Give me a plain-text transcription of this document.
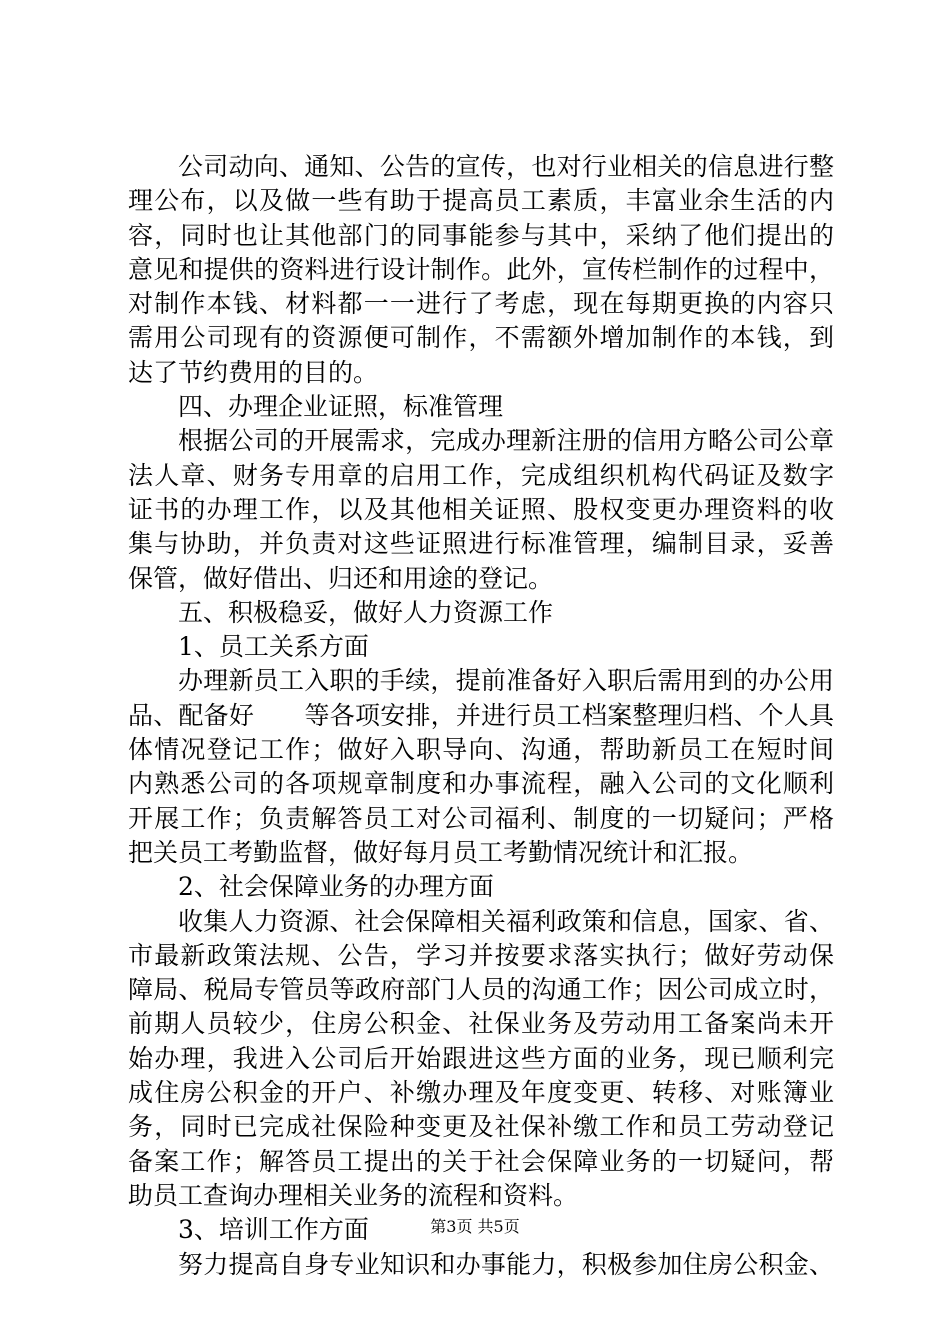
公司动向、通知、公告的宣传，也对行业相关的信息进行整
理公布，以及做一些有助于提高员工素质，丰富业余生活的内
容，同时也让其他部门的同事能参与其中，采纳了他们提出的
意见和提供的资料进行设计制作。此外，宣传栏制作的过程中，
对制作本钱、材料都一一进行了考虑，现在每期更换的内容只
需用公司现有的资源便可制作，不需额外增加制作的本钱，到
达了节约费用的目的。
四、办理企业证照，标准管理
根据公司的开展需求，完成办理新注册的信用方略公司公章
法人章、财务专用章的启用工作，完成组织机构代码证及数字
证书的办理工作，以及其他相关证照、股权变更办理资料的收
集与协助，并负责对这些证照进行标准管理，编制目录，妥善
保管，做好借出、归还和用途的登记。
五、积极稳妥，做好人力资源工作
1、员工关系方面
办理新员工入职的手续，提前准备好入职后需用到的办公用
品、配备好　　等各项安排，并进行员工档案整理归档、个人具
体情况登记工作；做好入职导向、沟通，帮助新员工在短时间
内熟悉公司的各项规章制度和办事流程，融入公司的文化顺利
开展工作；负责解答员工对公司福利、制度的一切疑问；严格
把关员工考勤监督，做好每月员工考勤情况统计和汇报。
2、社会保障业务的办理方面
收集人力资源、社会保障相关福利政策和信息，国家、省、
市最新政策法规、公告，学习并按要求落实执行；做好劳动保
障局、税局专管员等政府部门人员的沟通工作；因公司成立时，
前期人员较少，住房公积金、社保业务及劳动用工备案尚未开
始办理，我进入公司后开始跟进这些方面的业务，现已顺利完
成住房公积金的开户、补缴办理及年度变更、转移、对账簿业
务，同时已完成社保险种变更及社保补缴工作和员工劳动登记
备案工作；解答员工提出的关于社会保障业务的一切疑问，帮
助员工查询办理相关业务的流程和资料。
3、培训工作方面
努力提高自身专业知识和办事能力，积极参加住房公积金、
第3页 共5页
